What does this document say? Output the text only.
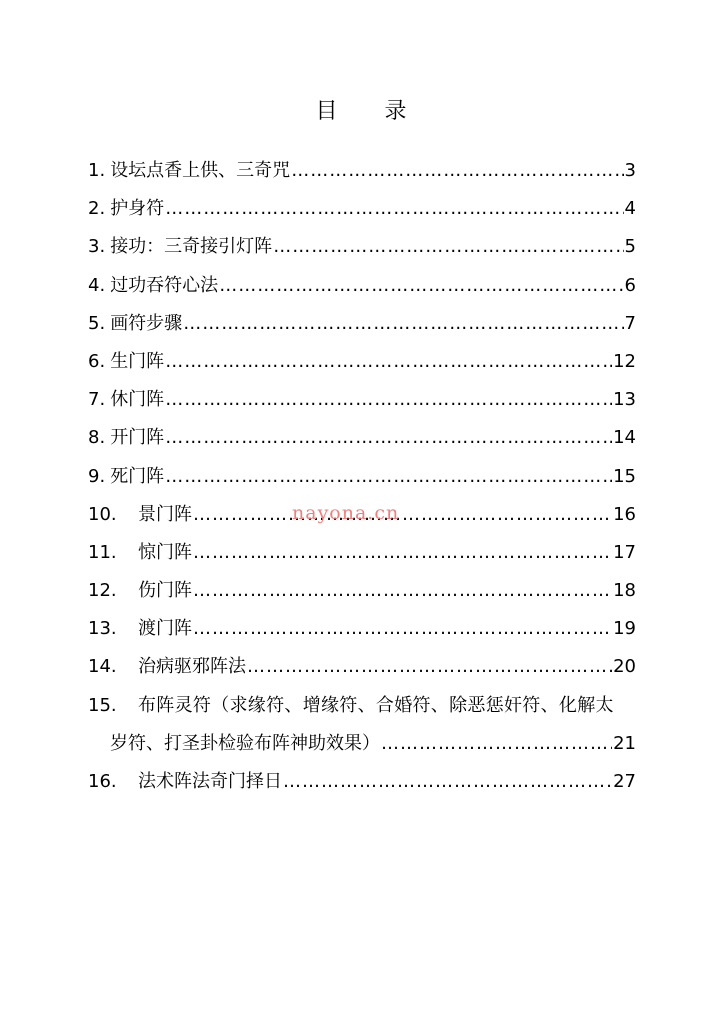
目 录
1. 设坛点香上供、三奇咒 ………………………………………………………………………………………………………………………………………………	3
2. 护身符 ………………………………………………………………………………………………………………………………………………	4
3. 接功：三奇接引灯阵 ………………………………………………………………………………………………………………………………………………	5
4. 过功吞符心法 ………………………………………………………………………………………………………………………………………………	6
5. 画符步骤 ………………………………………………………………………………………………………………………………………………	7
6. 生门阵 ………………………………………………………………………………………………………………………………………………	12
7. 休门阵 ………………………………………………………………………………………………………………………………………………	13
8. 开门阵 ………………………………………………………………………………………………………………………………………………	14
9. 死门阵 ………………………………………………………………………………………………………………………………………………	15
10.	景门阵 ………………………………………………………………………………………………………………………………………………	16
11.	惊门阵 ………………………………………………………………………………………………………………………………………………	17
12.	伤门阵 ………………………………………………………………………………………………………………………………………………	18
13.	渡门阵 ………………………………………………………………………………………………………………………………………………	19
14.	治病驱邪阵法 ………………………………………………………………………………………………………………………………………………	20
15.	布阵灵符（求缘符、增缘符、合婚符、除恶惩奸符、化解太
岁符、打圣卦检验布阵神助效果） ………………………………………………………………………………………………………………………………………………	21
16.	法术阵法奇门择日 ………………………………………………………………………………………………………………………………………………	27
nayona.cn
